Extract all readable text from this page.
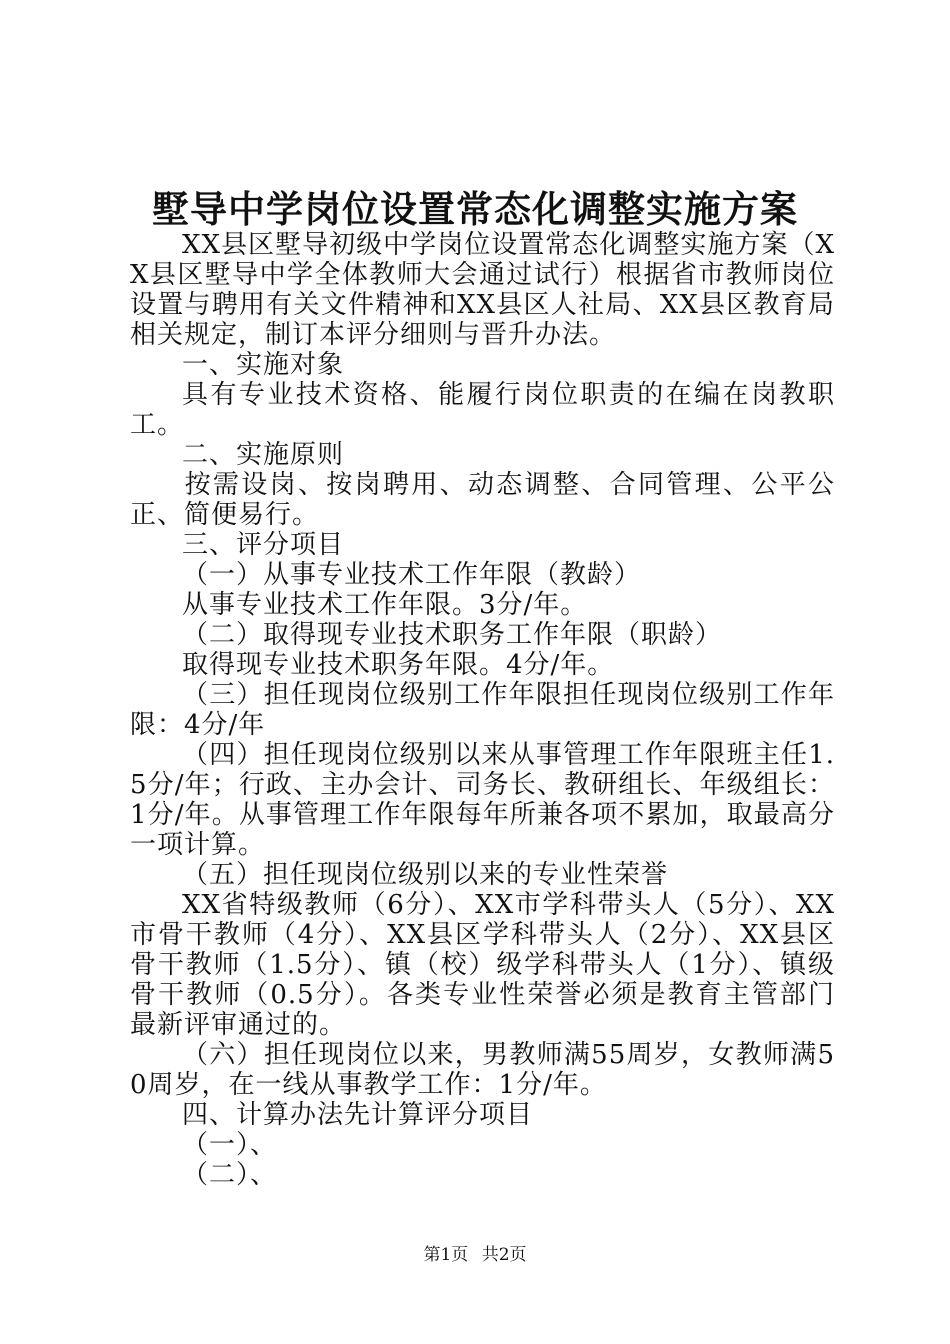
墅导中学岗位设置常态化调整实施方案

XX县区墅导初级中学岗位设置常态化调整实施方案（XX县区墅导中学全体教师大会通过试行）根据省市教师岗位设置与聘用有关文件精神和XX县区人社局、XX县区教育局相关规定，制订本评分细则与晋升办法。

一、实施对象

具有专业技术资格、能履行岗位职责的在编在岗教职工。

二、实施原则

按需设岗、按岗聘用、动态调整、合同管理、公平公正、简便易行。

三、评分项目

（一）从事专业技术工作年限（教龄）

从事专业技术工作年限。3分/年。

（二）取得现专业技术职务工作年限（职龄）

取得现专业技术职务年限。4分/年。

（三）担任现岗位级别工作年限担任现岗位级别工作年限：4分/年

（四）担任现岗位级别以来从事管理工作年限班主任1.5分/年；行政、主办会计、司务长、教研组长、年级组长：1分/年。从事管理工作年限每年所兼各项不累加，取最高分一项计算。

（五）担任现岗位级别以来的专业性荣誉

XX省特级教师（6分）、XX市学科带头人（5分）、XX市骨干教师（4分）、XX县区学科带头人（2分）、XX县区骨干教师（1.5分）、镇（校）级学科带头人（1分）、镇级骨干教师（0.5分）。各类专业性荣誉必须是教育主管部门最新评审通过的。

（六）担任现岗位以来，男教师满55周岁，女教师满50周岁，在一线从事教学工作：1分/年。

四、计算办法先计算评分项目

（一）、

（二）、

第1页 共2页
